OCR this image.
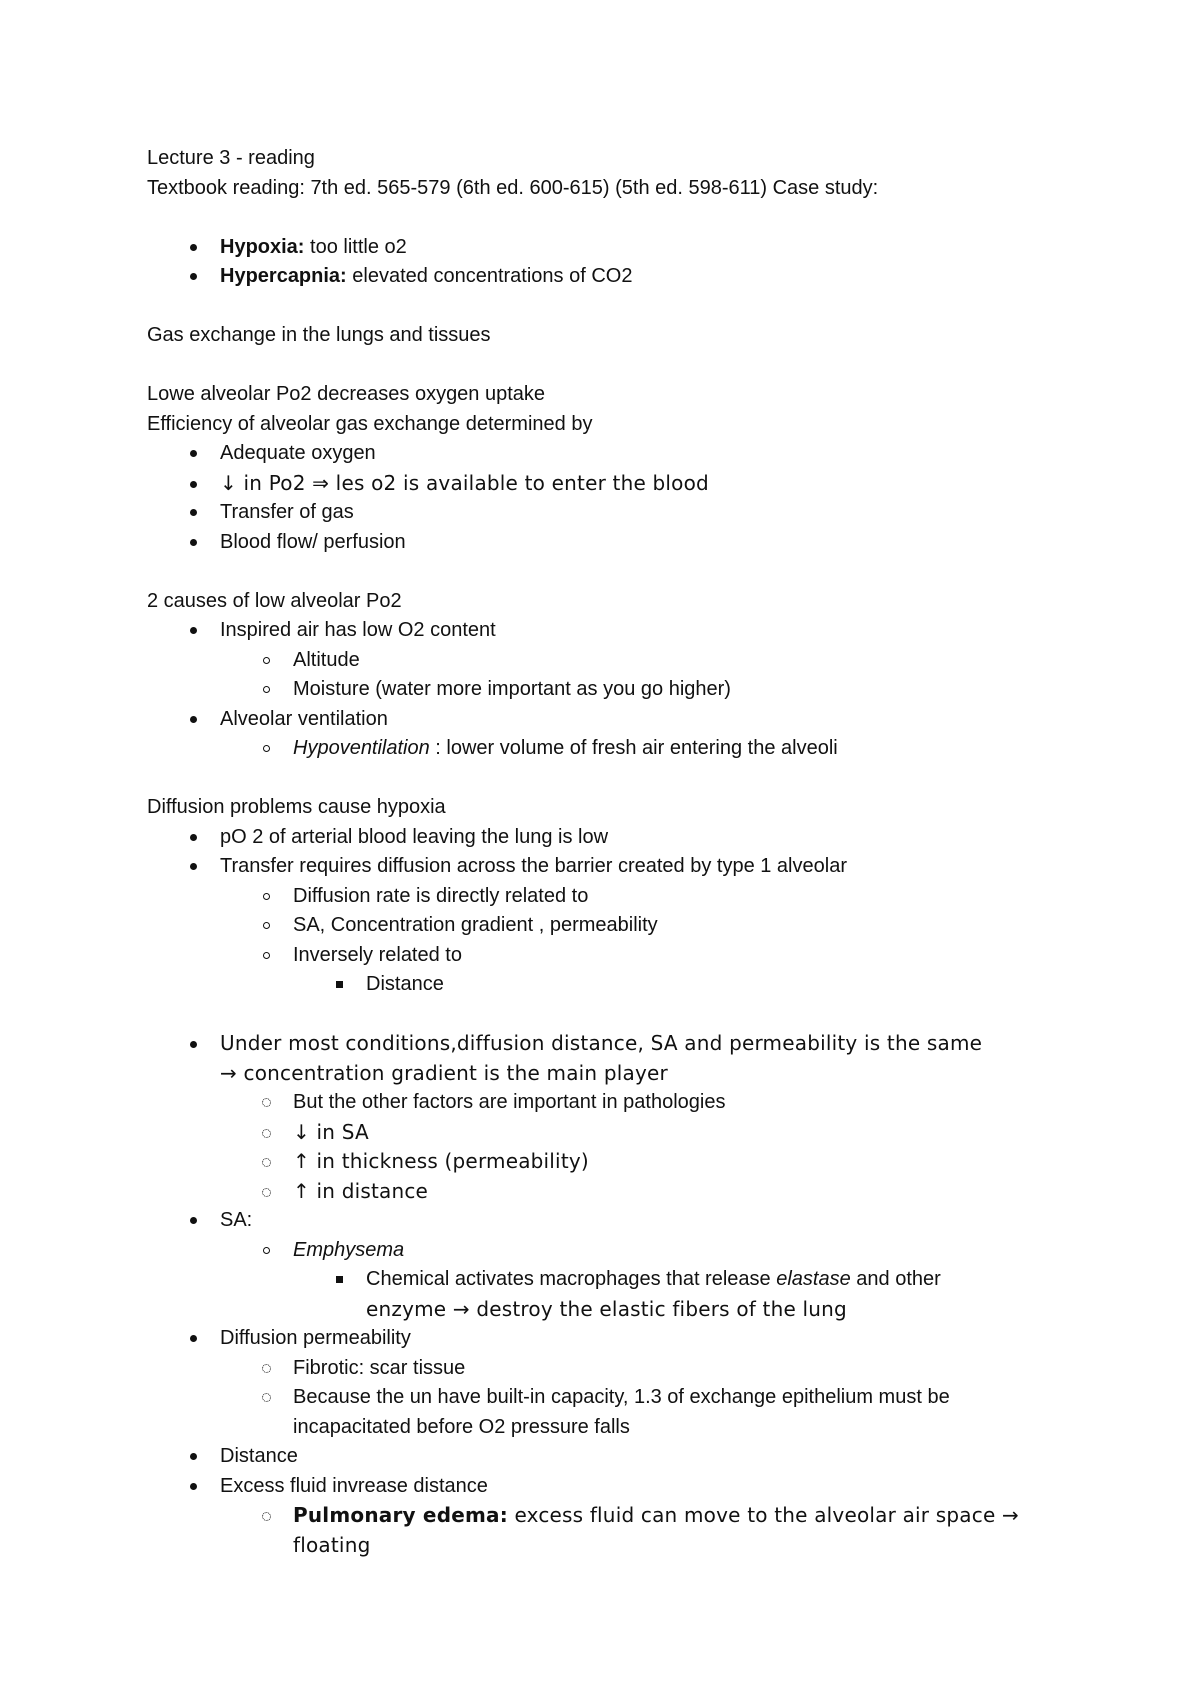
Lecture 3 - reading

Textbook reading: 7th ed. 565-579 (6th ed. 600-615) (5th ed. 598-611) Case study:

Hypoxia: too little o2
Hypercapnia: elevated concentrations of CO2

Gas exchange in the lungs and tissues

Lowe alveolar Po2 decreases oxygen uptake

Efficiency of alveolar gas exchange determined by

Adequate oxygen
↓ in Po2 ⇒ les o2 is available to enter the blood
Transfer of gas
Blood flow/ perfusion

2 causes of low alveolar Po2

Inspired air has low O2 content
Altitude
Moisture (water more important as you go higher)
Alveolar ventilation
Hypoventilation : lower volume of fresh air entering the alveoli

Diffusion problems cause hypoxia

pO 2 of arterial blood leaving the lung is low
Transfer requires diffusion across the barrier created by type 1 alveolar
Diffusion rate is directly related to
SA, Concentration gradient , permeability
Inversely related to
Distance
Under most conditions,diffusion distance, SA and permeability is the same
→ concentration gradient is the main player
But the other factors are important in pathologies
↓ in SA
↑ in thickness (permeability)
↑ in distance
SA:
Emphysema
Chemical activates macrophages that release elastase and other
enzyme → destroy the elastic fibers of the lung
Diffusion permeability
Fibrotic: scar tissue
Because the un have built-in capacity, 1.3 of exchange epithelium must be
incapacitated before O2 pressure falls
Distance
Excess fluid invrease distance
Pulmonary edema: excess fluid can move to the alveolar air space →
floating
